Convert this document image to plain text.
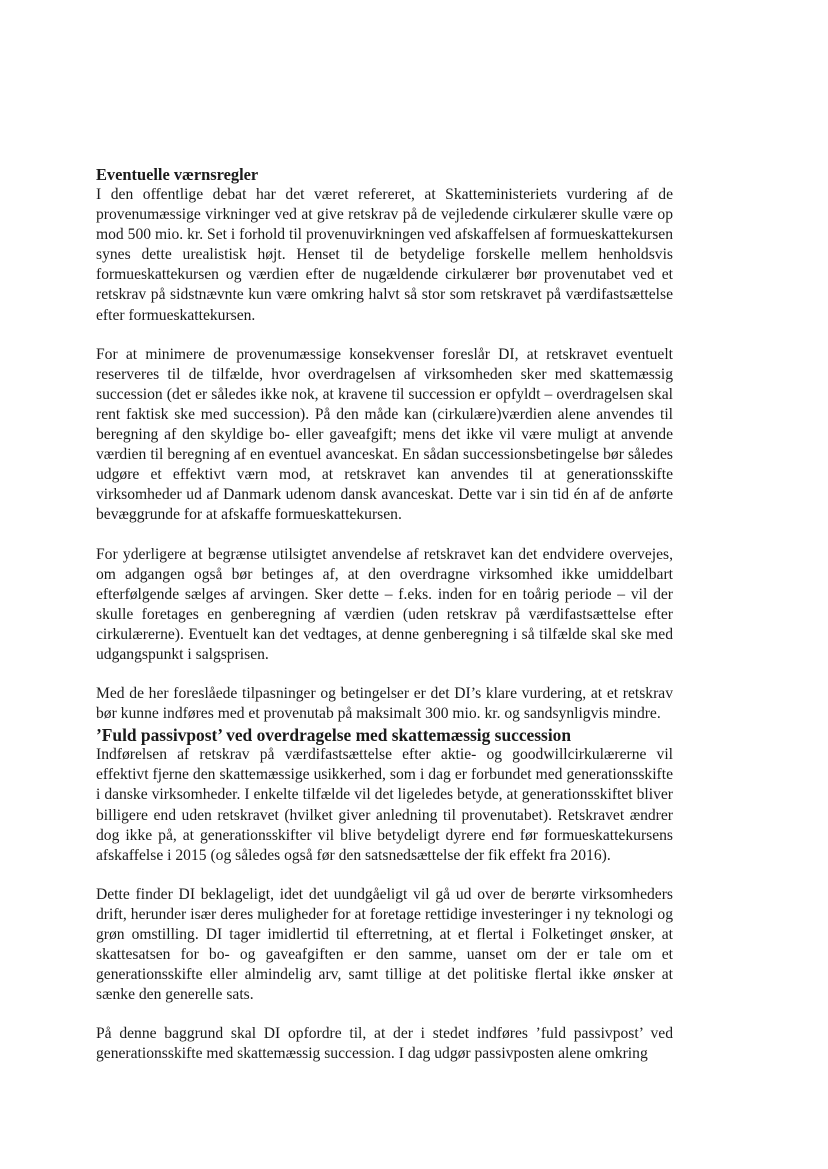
Eventuelle værnsregler

I den offentlige debat har det været refereret, at Skatteministeriets vurdering af de provenumæssige virkninger ved at give retskrav på de vejledende cirkulærer skulle være op mod 500 mio. kr. Set i forhold til provenuvirkningen ved afskaffelsen af formueskattekursen synes dette urealistisk højt. Henset til de betydelige forskelle mellem henholdsvis formueskattekursen og værdien efter de nugældende cirkulærer bør provenutabet ved et retskrav på sidstnævnte kun være omkring halvt så stor som retskravet på værdifastsættelse efter formueskattekursen.

For at minimere de provenumæssige konsekvenser foreslår DI, at retskravet eventuelt reserveres til de tilfælde, hvor overdragelsen af virksomheden sker med skattemæssig succession (det er således ikke nok, at kravene til succession er opfyldt – overdragelsen skal rent faktisk ske med succession). På den måde kan (cirkulære)værdien alene anvendes til beregning af den skyldige bo- eller gaveafgift; mens det ikke vil være muligt at anvende værdien til beregning af en eventuel avanceskat. En sådan successionsbetingelse bør således udgøre et effektivt værn mod, at retskravet kan anvendes til at generationsskifte virksomheder ud af Danmark udenom dansk avanceskat. Dette var i sin tid én af de anførte bevæggrunde for at afskaffe formueskattekursen.

For yderligere at begrænse utilsigtet anvendelse af retskravet kan det endvidere overvejes, om adgangen også bør betinges af, at den overdragne virksomhed ikke umiddelbart efterfølgende sælges af arvingen. Sker dette – f.eks. inden for en toårig periode – vil der skulle foretages en genberegning af værdien (uden retskrav på værdifastsættelse efter cirkulærerne). Eventuelt kan det vedtages, at denne genberegning i så tilfælde skal ske med udgangspunkt i salgsprisen.

Med de her foreslåede tilpasninger og betingelser er det DI’s klare vurdering, at et retskrav bør kunne indføres med et provenutab på maksimalt 300 mio. kr. og sandsynligvis mindre.

’Fuld passivpost’ ved overdragelse med skattemæssig succession

Indførelsen af retskrav på værdifastsættelse efter aktie- og goodwillcirkulærerne vil effektivt fjerne den skattemæssige usikkerhed, som i dag er forbundet med generationsskifte i danske virksomheder. I enkelte tilfælde vil det ligeledes betyde, at generationsskiftet bliver billigere end uden retskravet (hvilket giver anledning til provenutabet). Retskravet ændrer dog ikke på, at generationsskifter vil blive betydeligt dyrere end før formueskattekursens afskaffelse i 2015 (og således også før den satsnedsættelse der fik effekt fra 2016).

Dette finder DI beklageligt, idet det uundgåeligt vil gå ud over de berørte virksomheders drift, herunder især deres muligheder for at foretage rettidige investeringer i ny teknologi og grøn omstilling. DI tager imidlertid til efterretning, at et flertal i Folketinget ønsker, at skattesatsen for bo- og gaveafgiften er den samme, uanset om der er tale om et generationsskifte eller almindelig arv, samt tillige at det politiske flertal ikke ønsker at sænke den generelle sats.

På denne baggrund skal DI opfordre til, at der i stedet indføres ’fuld passivpost’ ved generationsskifte med skattemæssig succession. I dag udgør passivposten alene omkring
